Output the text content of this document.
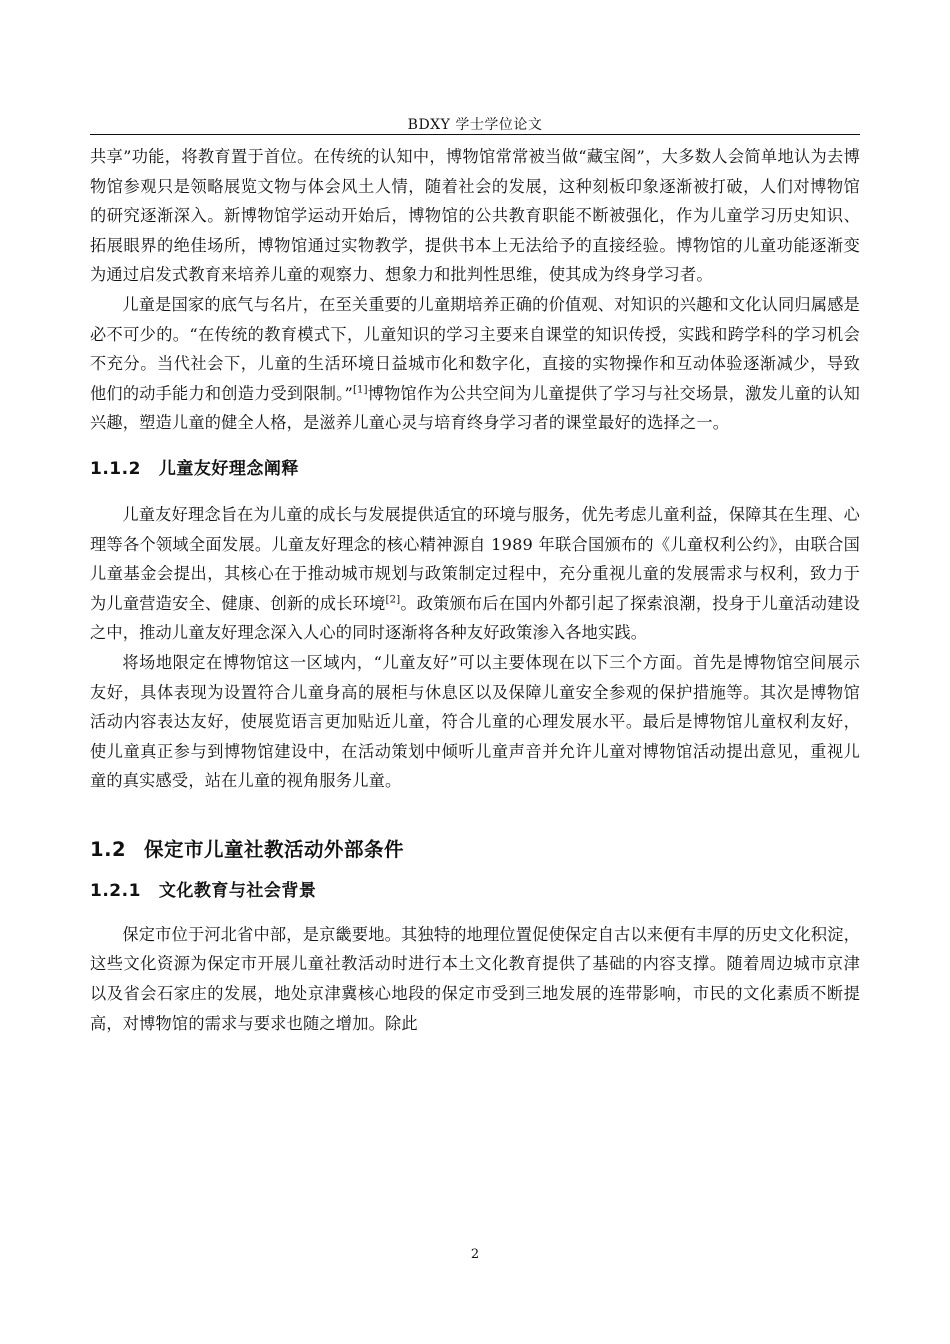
BDXY 学士学位论文

共享”功能，将教育置于首位。在传统的认知中，博物馆常常被当做“藏宝阁”，大多数人会简单地认为去博物馆参观只是领略展览文物与体会风土人情，随着社会的发展，这种刻板印象逐渐被打破，人们对博物馆的研究逐渐深入。新博物馆学运动开始后，博物馆的公共教育职能不断被强化，作为儿童学习历史知识、拓展眼界的绝佳场所，博物馆通过实物教学，提供书本上无法给予的直接经验。博物馆的儿童功能逐渐变为通过启发式教育来培养儿童的观察力、想象力和批判性思维，使其成为终身学习者。

儿童是国家的底气与名片，在至关重要的儿童期培养正确的价值观、对知识的兴趣和文化认同归属感是必不可少的。“在传统的教育模式下，儿童知识的学习主要来自课堂的知识传授，实践和跨学科的学习机会不充分。当代社会下，儿童的生活环境日益城市化和数字化，直接的实物操作和互动体验逐渐减少，导致他们的动手能力和创造力受到限制。”[1]博物馆作为公共空间为儿童提供了学习与社交场景，激发儿童的认知兴趣，塑造儿童的健全人格，是滋养儿童心灵与培育终身学习者的课堂最好的选择之一。

1.1.2 儿童友好理念阐释

儿童友好理念旨在为儿童的成长与发展提供适宜的环境与服务，优先考虑儿童利益，保障其在生理、心理等各个领域全面发展。儿童友好理念的核心精神源自 1989 年联合国颁布的《儿童权利公约》，由联合国儿童基金会提出，其核心在于推动城市规划与政策制定过程中，充分重视儿童的发展需求与权利，致力于为儿童营造安全、健康、创新的成长环境[2]。政策颁布后在国内外都引起了探索浪潮，投身于儿童活动建设之中，推动儿童友好理念深入人心的同时逐渐将各种友好政策渗入各地实践。

将场地限定在博物馆这一区域内，“儿童友好”可以主要体现在以下三个方面。首先是博物馆空间展示友好，具体表现为设置符合儿童身高的展柜与休息区以及保障儿童安全参观的保护措施等。其次是博物馆活动内容表达友好，使展览语言更加贴近儿童，符合儿童的心理发展水平。最后是博物馆儿童权利友好，使儿童真正参与到博物馆建设中，在活动策划中倾听儿童声音并允许儿童对博物馆活动提出意见，重视儿童的真实感受，站在儿童的视角服务儿童。

1.2 保定市儿童社教活动外部条件
1.2.1 文化教育与社会背景

保定市位于河北省中部，是京畿要地。其独特的地理位置促使保定自古以来便有丰厚的历史文化积淀，这些文化资源为保定市开展儿童社教活动时进行本土文化教育提供了基础的内容支撑。随着周边城市京津以及省会石家庄的发展，地处京津冀核心地段的保定市受到三地发展的连带影响，市民的文化素质不断提高，对博物馆的需求与要求也随之增加。除此

2
